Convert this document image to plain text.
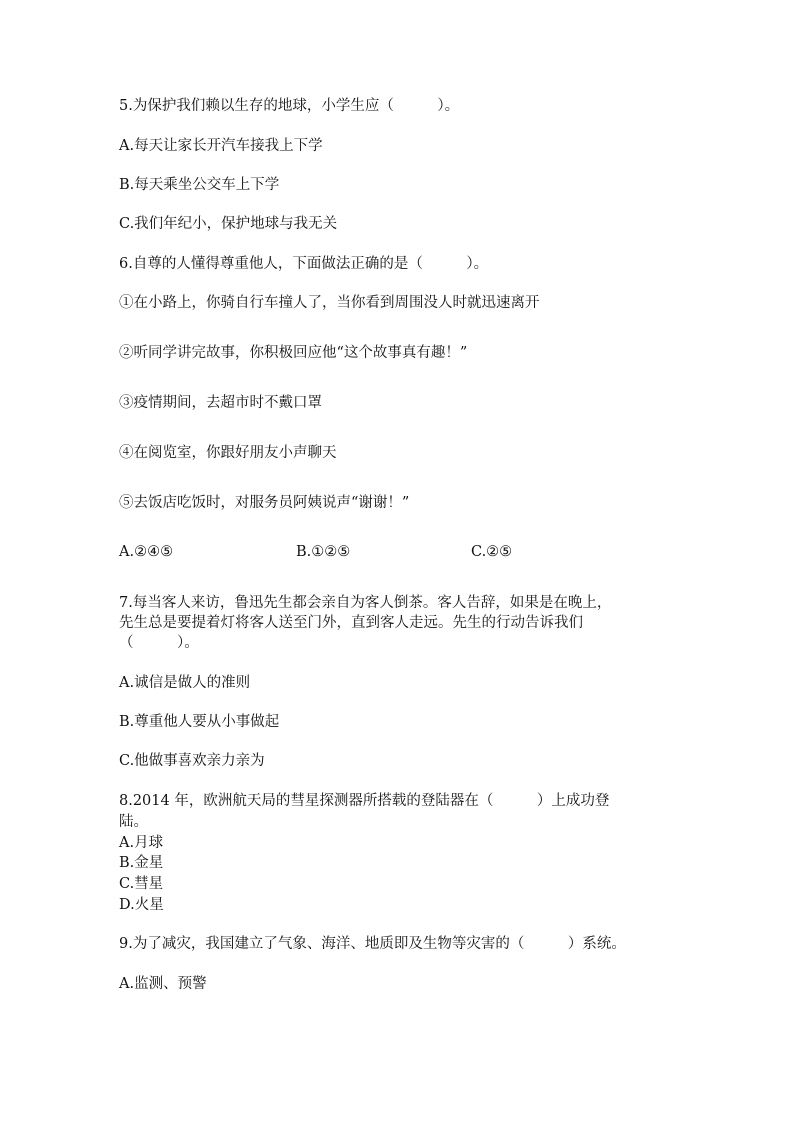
5.为保护我们赖以生存的地球，小学生应（　　　）。
A.每天让家长开汽车接我上下学
B.每天乘坐公交车上下学
C.我们年纪小，保护地球与我无关
6.自尊的人懂得尊重他人，下面做法正确的是（　　　）。
①在小路上，你骑自行车撞人了，当你看到周围没人时就迅速离开
②听同学讲完故事，你积极回应他“这个故事真有趣！”
③疫情期间，去超市时不戴口罩
④在阅览室，你跟好朋友小声聊天
⑤去饭店吃饭时，对服务员阿姨说声“谢谢！”
A.②④⑤	B.①②⑤	C.②⑤
7.每当客人来访，鲁迅先生都会亲自为客人倒茶。客人告辞，如果是在晚上，
先生总是要提着灯将客人送至门外，直到客人走远。先生的行动告诉我们
（　　　）。
A.诚信是做人的准则
B.尊重他人要从小事做起
C.他做事喜欢亲力亲为
8.2014 年，欧洲航天局的彗星探测器所搭载的登陆器在（　　　）上成功登
陆。
A.月球
B.金星
C.彗星
D.火星
9.为了减灾，我国建立了气象、海洋、地质即及生物等灾害的（　　　）系统。
A.监测、预警
